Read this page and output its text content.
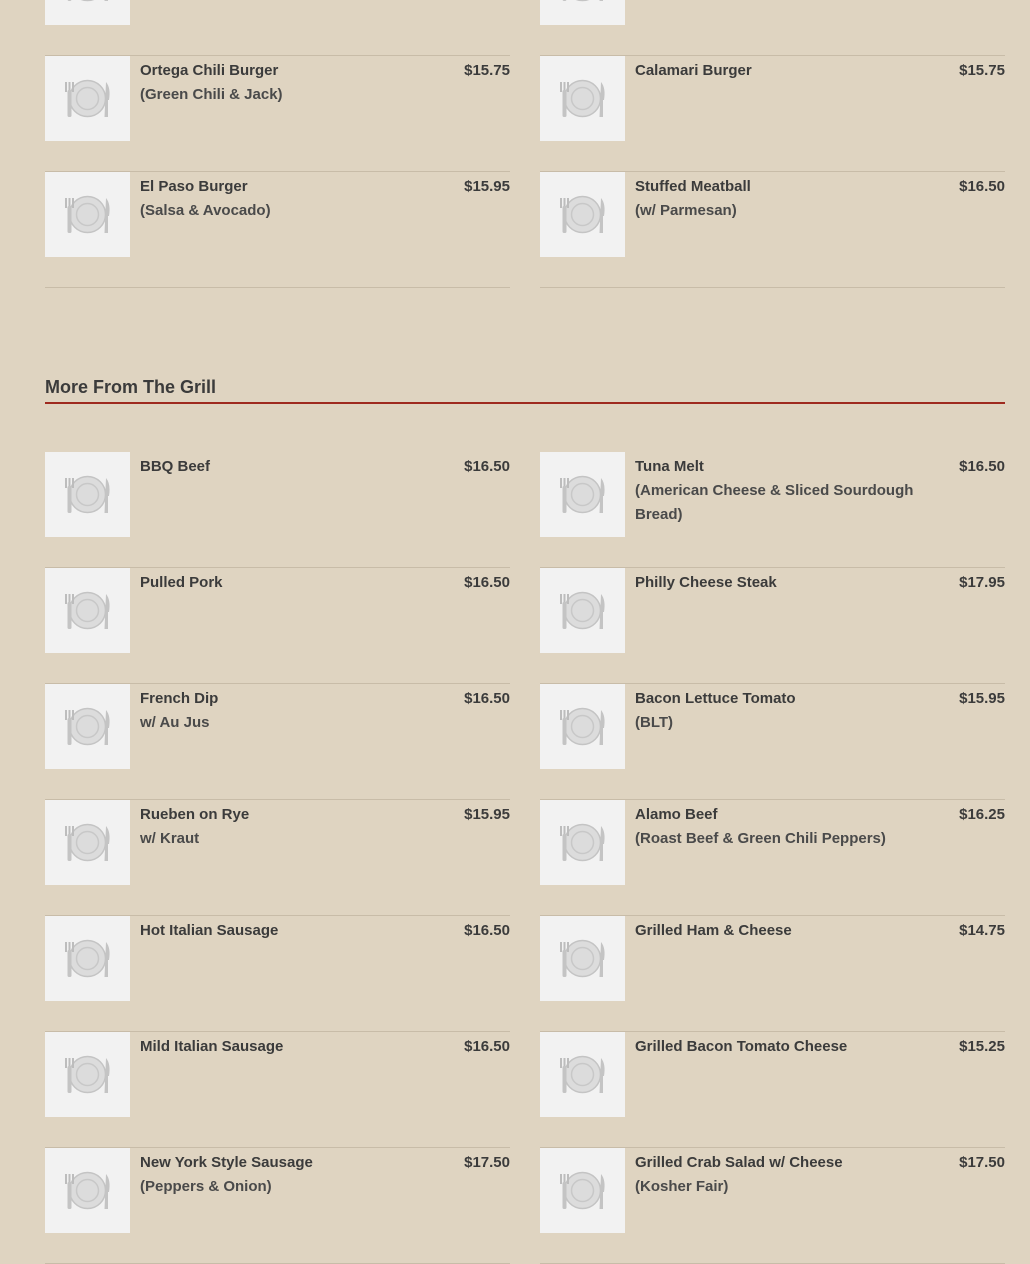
Ortega Chili Burger
(Green Chili & Jack)
$15.75	Calamari Burger	$15.75
El Paso Burger
(Salsa & Avocado)
$15.95	Stuffed Meatball
(w/ Parmesan)
$16.50
More From The Grill
BBQ Beef	$16.50	Tuna Melt
(American Cheese & Sliced Sourdough Bread)
$16.50
Pulled Pork	$16.50	Philly Cheese Steak	$17.95
French Dip
w/ Au Jus
$16.50	Bacon Lettuce Tomato
(BLT)
$15.95
Rueben on Rye
w/ Kraut
$15.95	Alamo Beef
(Roast Beef & Green Chili Peppers)
$16.25
Hot Italian Sausage	$16.50	Grilled Ham & Cheese	$14.75
Mild Italian Sausage	$16.50	Grilled Bacon Tomato Cheese	$15.25
New York Style Sausage
(Peppers & Onion)
$17.50	Grilled Crab Salad w/ Cheese
(Kosher Fair)
$17.50
